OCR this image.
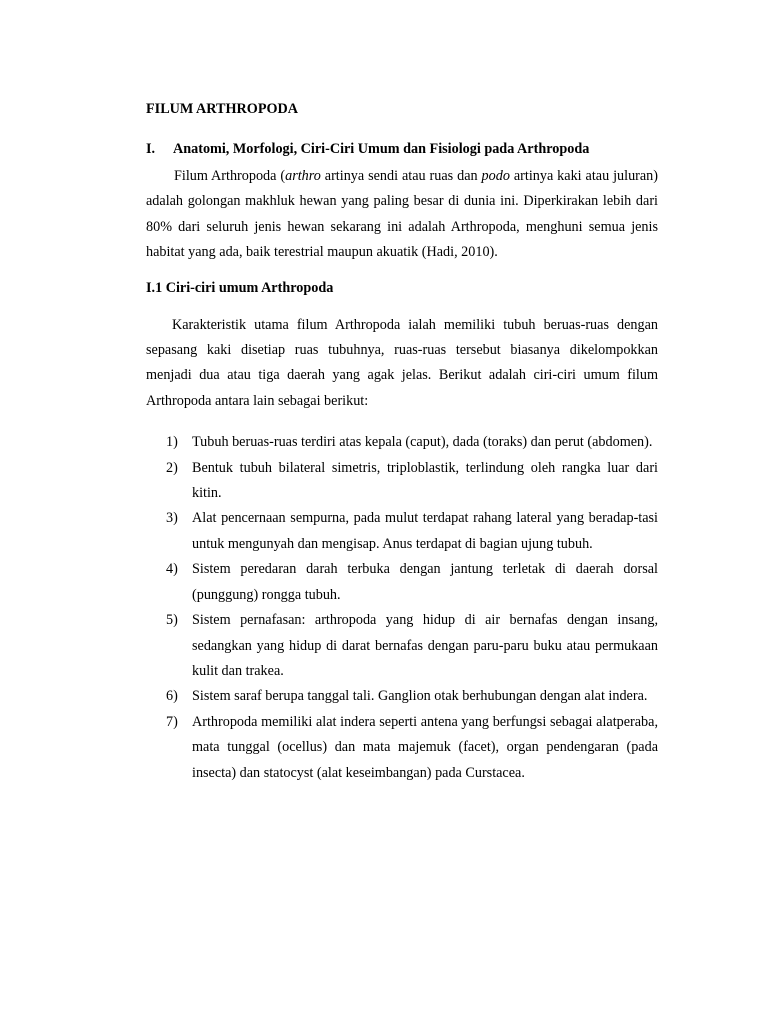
FILUM ARTHROPODA
I.	Anatomi, Morfologi, Ciri-Ciri Umum dan Fisiologi pada Arthropoda

Filum Arthropoda (arthro artinya sendi atau ruas dan podo artinya kaki atau juluran) adalah golongan makhluk hewan yang paling besar di dunia ini. Diperkirakan lebih dari 80% dari seluruh jenis hewan sekarang ini adalah Arthropoda, menghuni semua jenis habitat yang ada, baik terestrial maupun akuatik (Hadi, 2010).

I.1 Ciri-ciri umum Arthropoda

Karakteristik utama filum Arthropoda ialah memiliki tubuh beruas-ruas dengan sepasang kaki disetiap ruas tubuhnya, ruas-ruas tersebut biasanya dikelompokkan menjadi dua atau tiga daerah yang agak jelas. Berikut adalah ciri-ciri umum filum Arthropoda antara lain sebagai berikut:

1) Tubuh beruas-ruas terdiri atas kepala (caput), dada (toraks) dan perut (abdomen).
2) Bentuk tubuh bilateral simetris, triploblastik, terlindung oleh rangka luar dari kitin.
3) Alat pencernaan sempurna, pada mulut terdapat rahang lateral yang beradap-tasi untuk mengunyah dan mengisap. Anus terdapat di bagian ujung tubuh.
4) Sistem peredaran darah terbuka dengan jantung terletak di daerah dorsal (punggung) rongga tubuh.
5) Sistem pernafasan: arthropoda yang hidup di air bernafas dengan insang, sedangkan yang hidup di darat bernafas dengan paru-paru buku atau permukaan kulit dan trakea.
6) Sistem saraf berupa tanggal tali. Ganglion otak berhubungan dengan alat indera.
7) Arthropoda memiliki alat indera seperti antena yang berfungsi sebagai alatperaba, mata tunggal (ocellus) dan mata majemuk (facet), organ pendengaran (pada insecta) dan statocyst (alat keseimbangan) pada Curstacea.
